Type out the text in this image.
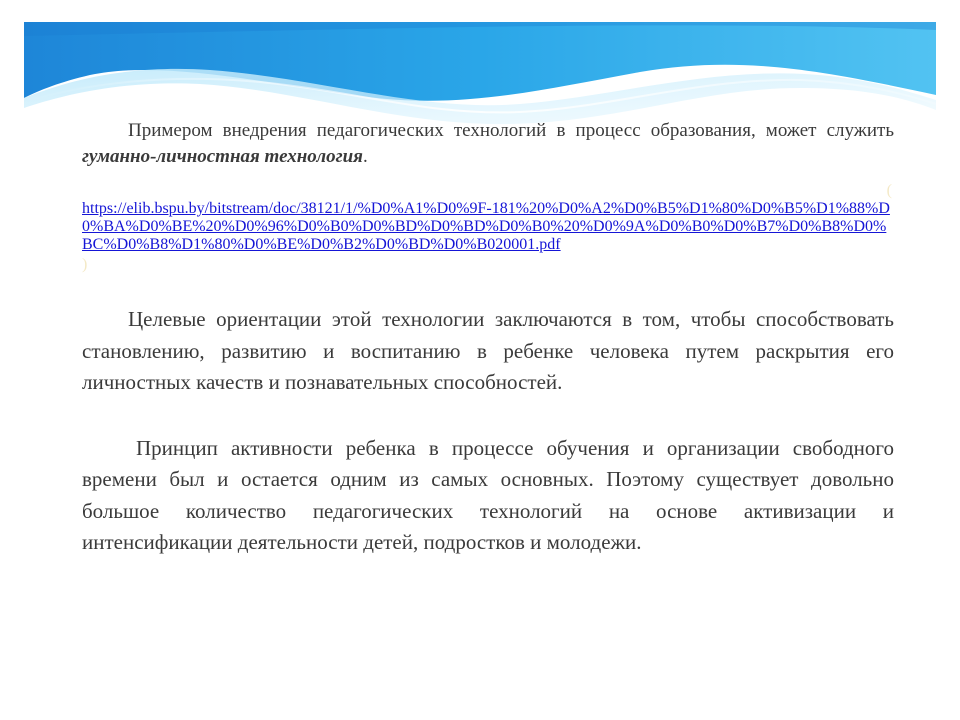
Примером внедрения педагогических технологий в процесс образования, может служить гуманно-личностная технология.

(
https://elib.bspu.by/bitstream/doc/38121/1/%D0%A1%D0%9F-181%20%D0%A2%D0%B5%D1%80%D0%B5%D1%88%D0%BA%D0%BE%20%D0%96%D0%B0%D0%BD%D0%BD%D0%B0%20%D0%9A%D0%B0%D0%B7%D0%B8%D0%BC%D0%B8%D1%80%D0%BE%D0%B2%D0%BD%D0%B020001.pdf
)

Целевые ориентации этой технологии заключаются в том, чтобы способствовать становлению, развитию и воспитанию в ребенке человека путем раскрытия его личностных качеств и познавательных способностей.

Принцип активности ребенка в процессе обучения и организации свободного времени был и остается одним из самых основных. Поэтому существует довольно большое количество педагогических технологий на основе активизации и интенсификации деятельности детей, подростков и молодежи.
